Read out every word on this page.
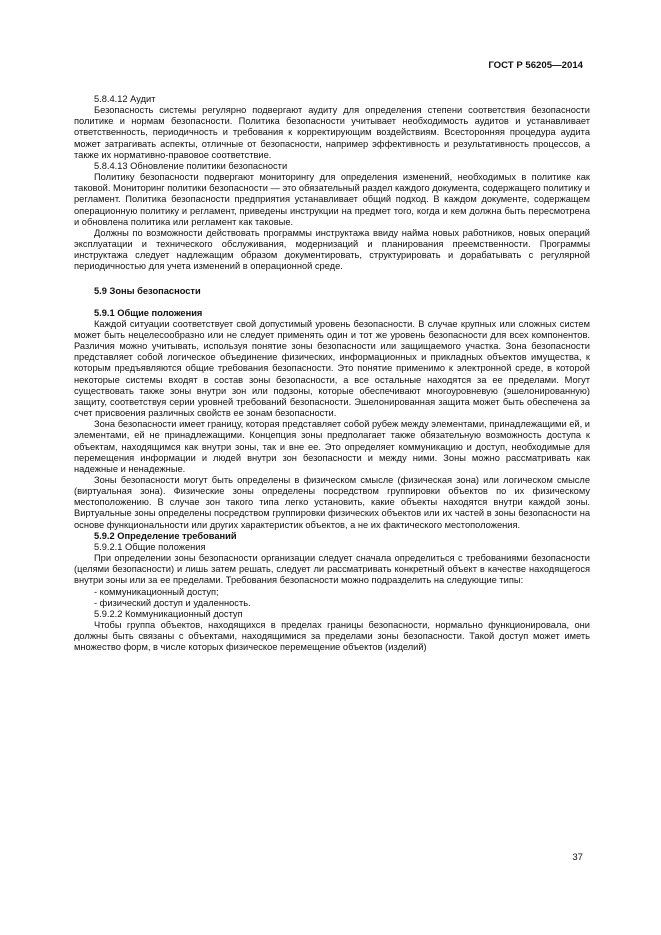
ГОСТ Р 56205—2014

5.8.4.12 Аудит

Безопасность системы регулярно подвергают аудиту для определения степени соответствия безопасности политике и нормам безопасности. Политика безопасности учитывает необходимость аудитов и устанавливает ответственность, периодичность и требования к корректирующим воздействиям. Всесторонняя процедура аудита может затрагивать аспекты, отличные от безопасности, например эффективность и результативность процессов, а также их нормативно-правовое соответствие.

5.8.4.13 Обновление политики безопасности

Политику безопасности подвергают мониторингу для определения изменений, необходимых в политике как таковой. Мониторинг политики безопасности — это обязательный раздел каждого документа, содержащего политику и регламент. Политика безопасности предприятия устанавливает общий подход. В каждом документе, содержащем операционную политику и регламент, приведены инструкции на предмет того, когда и кем должна быть пересмотрена и обновлена политика или регламент как таковые.

Должны по возможности действовать программы инструктажа ввиду найма новых работников, новых операций эксплуатации и технического обслуживания, модернизаций и планирования преемственности. Программы инструктажа следует надлежащим образом документировать, структурировать и дорабатывать с регулярной периодичностью для учета изменений в операционной среде.

5.9 Зоны безопасности

5.9.1 Общие положения

Каждой ситуации соответствует свой допустимый уровень безопасности. В случае крупных или сложных систем может быть нецелесообразно или не следует применять один и тот же уровень безопасности для всех компонентов. Различия можно учитывать, используя понятие зоны безопасности или защищаемого участка. Зона безопасности представляет собой логическое объединение физических, информационных и прикладных объектов имущества, к которым предъявляются общие требования безопасности. Это понятие применимо к электронной среде, в которой некоторые системы входят в состав зоны безопасности, а все остальные находятся за ее пределами. Могут существовать также зоны внутри зон или подзоны, которые обеспечивают многоуровневую (эшелонированную) защиту, соответствуя серии уровней требований безопасности. Эшелонированная защита может быть обеспечена за счет присвоения различных свойств ее зонам безопасности.

Зона безопасности имеет границу, которая представляет собой рубеж между элементами, принадлежащими ей, и элементами, ей не принадлежащими. Концепция зоны предполагает также обязательную возможность доступа к объектам, находящимся как внутри зоны, так и вне ее. Это определяет коммуникацию и доступ, необходимые для перемещения информации и людей внутри зон безопасности и между ними. Зоны можно рассматривать как надежные и ненадежные.

Зоны безопасности могут быть определены в физическом смысле (физическая зона) или логическом смысле (виртуальная зона). Физические зоны определены посредством группировки объектов по их физическому местоположению. В случае зон такого типа легко установить, какие объекты находятся внутри каждой зоны. Виртуальные зоны определены посредством группировки физических объектов или их частей в зоны безопасности на основе функциональности или других характеристик объектов, а не их фактического местоположения.

5.9.2 Определение требований

5.9.2.1 Общие положения

При определении зоны безопасности организации следует сначала определиться с требованиями безопасности (целями безопасности) и лишь затем решать, следует ли рассматривать конкретный объект в качестве находящегося внутри зоны или за ее пределами. Требования безопасности можно подразделить на следующие типы:

- коммуникационный доступ;
- физический доступ и удаленность.

5.9.2.2 Коммуникационный доступ

Чтобы группа объектов, находящихся в пределах границы безопасности, нормально функционировала, они должны быть связаны с объектами, находящимися за пределами зоны безопасности. Такой доступ может иметь множество форм, в числе которых физическое перемещение объектов (изделий)

37
